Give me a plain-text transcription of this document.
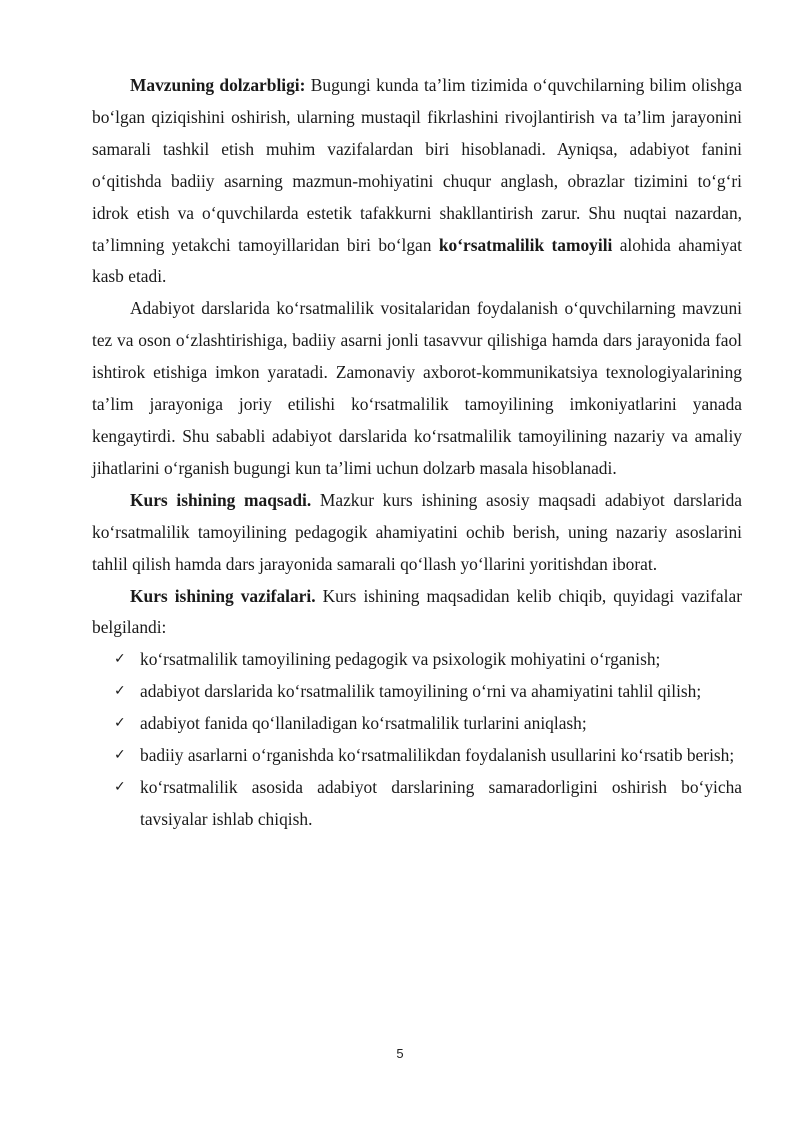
Mavzuning dolzarbligi: Bugungi kunda ta’lim tizimida o‘quvchilarning bilim olishga bo‘lgan qiziqishini oshirish, ularning mustaqil fikrlashini rivojlantirish va ta’lim jarayonini samarali tashkil etish muhim vazifalardan biri hisoblanadi. Ayniqsa, adabiyot fanini o‘qitishda badiiy asarning mazmun-mohiyatini chuqur anglash, obrazlar tizimini to‘g‘ri idrok etish va o‘quvchilarda estetik tafakkurni shakllantirish zarur. Shu nuqtai nazardan, ta’limning yetakchi tamoyillaridan biri bo‘lgan ko‘rsatmalilik tamoyili alohida ahamiyat kasb etadi.

Adabiyot darslarida ko‘rsatmalilik vositalaridan foydalanish o‘quvchilarning mavzuni tez va oson o‘zlashtirishiga, badiiy asarni jonli tasavvur qilishiga hamda dars jarayonida faol ishtirok etishiga imkon yaratadi. Zamonaviy axborot-kommunikatsiya texnologiyalarining ta’lim jarayoniga joriy etilishi ko‘rsatmalilik tamoyilining imkoniyatlarini yanada kengaytirdi. Shu sababli adabiyot darslarida ko‘rsatmalilik tamoyilining nazariy va amaliy jihatlarini o‘rganish bugungi kun ta’limi uchun dolzarb masala hisoblanadi.

Kurs ishining maqsadi. Mazkur kurs ishining asosiy maqsadi adabiyot darslarida ko‘rsatmalilik tamoyilining pedagogik ahamiyatini ochib berish, uning nazariy asoslarini tahlil qilish hamda dars jarayonida samarali qo‘llash yo‘llarini yoritishdan iborat.

Kurs ishining vazifalari. Kurs ishining maqsadidan kelib chiqib, quyidagi vazifalar belgilandi:

✓ ko‘rsatmalilik tamoyilining pedagogik va psixologik mohiyatini o‘rganish;
✓ adabiyot darslarida ko‘rsatmalilik tamoyilining o‘rni va ahamiyatini tahlil qilish;
✓ adabiyot fanida qo‘llaniladigan ko‘rsatmalilik turlarini aniqlash;
✓ badiiy asarlarni o‘rganishda ko‘rsatmalilikdan foydalanish usullarini ko‘rsatib berish;
✓ ko‘rsatmalilik asosida adabiyot darslarining samaradorligini oshirish bo‘yicha tavsiyalar ishlab chiqish.
5
